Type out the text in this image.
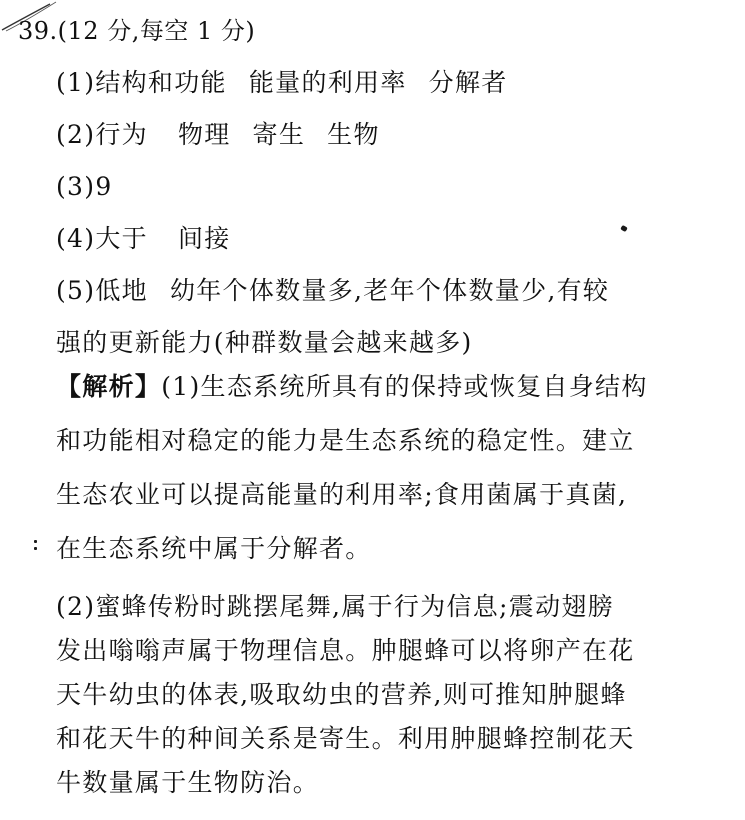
39.(12 分,每空 1 分)
(1)结构和功能 能量的利用率 分解者
(2)行为 物理 寄生 生物
(3)9
(4)大于 间接
(5)低地 幼年个体数量多,老年个体数量少,有较
强的更新能力(种群数量会越来越多)
【解析】(1)生态系统所具有的保持或恢复自身结构
和功能相对稳定的能力是生态系统的稳定性。建立
生态农业可以提高能量的利用率;食用菌属于真菌,
在生态系统中属于分解者。
(2)蜜蜂传粉时跳摆尾舞,属于行为信息;震动翅膀
发出嗡嗡声属于物理信息。肿腿蜂可以将卵产在花
天牛幼虫的体表,吸取幼虫的营养,则可推知肿腿蜂
和花天牛的种间关系是寄生。利用肿腿蜂控制花天
牛数量属于生物防治。
